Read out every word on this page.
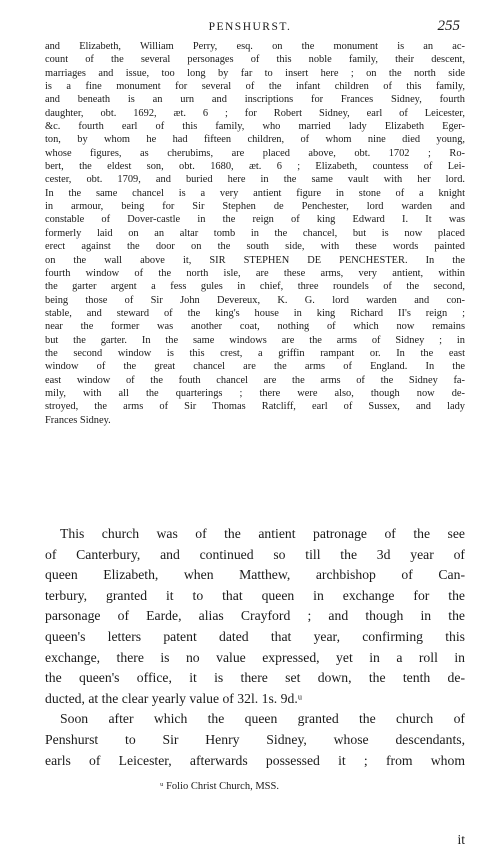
PENSHURST.	255
and Elizabeth, William Perry, esq. on the monument is an ac-
count of the several personages of this noble family, their descent,
marriages and issue, too long by far to insert here ; on the north side
is a fine monument for several of the infant children of this family,
and beneath is an urn and inscriptions for Frances Sidney, fourth
daughter, obt. 1692, æt. 6 ; for Robert Sidney, earl of Leicester,
&c. fourth earl of this family, who married lady Elizabeth Eger-
ton, by whom he had fifteen children, of whom nine died young,
whose figures, as cherubims, are placed above, obt. 1702 ; Ro-
bert, the eldest son, obt. 1680, æt. 6 ; Elizabeth, countess of Lei-
cester, obt. 1709, and buried here in the same vault with her lord.
In the same chancel is a very antient figure in stone of a knight
in armour, being for Sir Stephen de Penchester, lord warden and
constable of Dover-castle in the reign of king Edward I. It was
formerly laid on an altar tomb in the chancel, but is now placed
erect against the door on the south side, with these words painted
on the wall above it, SIR STEPHEN DE PENCHESTER. In the
fourth window of the north isle, are these arms, very antient, within
the garter argent a fess gules in chief, three roundels of the second,
being those of Sir John Devereux, K. G. lord warden and con-
stable, and steward of the king's house in king Richard II's reign ;
near the former was another coat, nothing of which now remains
but the garter. In the same windows are the arms of Sidney ; in
the second window is this crest, a griffin rampant or. In the east
window of the great chancel are the arms of England. In the
east window of the fouth chancel are the arms of the Sidney fa-
mily, with all the quarterings ; there were also, though now de-
stroyed, the arms of Sir Thomas Ratcliff, earl of Sussex, and lady
Frances Sidney.
This church was of the antient patronage of the see
of Canterbury, and continued so till the 3d year of
queen Elizabeth, when Matthew, archbishop of Can-
terbury, granted it to that queen in exchange for the
parsonage of Earde, alias Crayford ; and though in the
queen's letters patent dated that year, confirming this
exchange, there is no value expressed, yet in a roll in
the queen's office, it is there set down, the tenth de-
ducted, at the clear yearly value of 32l. 1s. 9d.ᵘ
Soon after which the queen granted the church of
Penshurst to Sir Henry Sidney, whose descendants,
earls of Leicester, afterwards possessed it ; from whom
ᵘ Folio Christ Church, MSS.
it
